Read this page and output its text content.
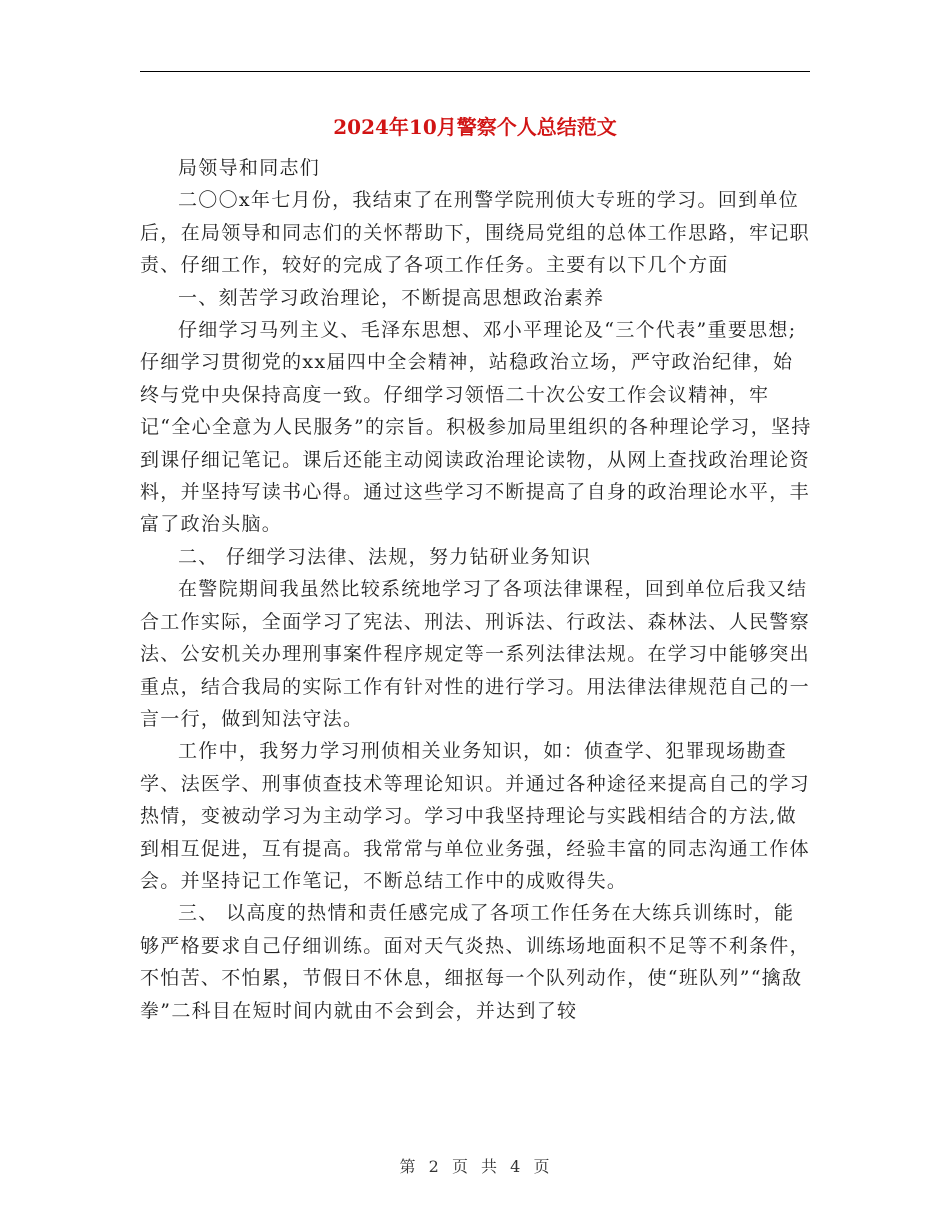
2024年10月警察个人总结范文

局领导和同志们

二〇〇x年七月份，我结束了在刑警学院刑侦大专班的学习。回到单位后，在局领导和同志们的关怀帮助下，围绕局党组的总体工作思路，牢记职责、仔细工作，较好的完成了各项工作任务。主要有以下几个方面

一、刻苦学习政治理论，不断提高思想政治素养

仔细学习马列主义、毛泽东思想、邓小平理论及“三个代表”重要思想;仔细学习贯彻党的xx届四中全会精神，站稳政治立场，严守政治纪律，始终与党中央保持高度一致。仔细学习领悟二十次公安工作会议精神，牢记“全心全意为人民服务”的宗旨。积极参加局里组织的各种理论学习，坚持到课仔细记笔记。课后还能主动阅读政治理论读物，从网上查找政治理论资料，并坚持写读书心得。通过这些学习不断提高了自身的政治理论水平，丰富了政治头脑。

二、 仔细学习法律、法规，努力钻研业务知识

在警院期间我虽然比较系统地学习了各项法律课程，回到单位后我又结合工作实际，全面学习了宪法、刑法、刑诉法、行政法、森林法、人民警察法、公安机关办理刑事案件程序规定等一系列法律法规。在学习中能够突出重点，结合我局的实际工作有针对性的进行学习。用法律法律规范自己的一言一行，做到知法守法。

工作中，我努力学习刑侦相关业务知识，如：侦查学、犯罪现场勘查学、法医学、刑事侦查技术等理论知识。并通过各种途径来提高自己的学习热情，变被动学习为主动学习。学习中我坚持理论与实践相结合的方法,做到相互促进，互有提高。我常常与单位业务强，经验丰富的同志沟通工作体会。并坚持记工作笔记，不断总结工作中的成败得失。

三、 以高度的热情和责任感完成了各项工作任务在大练兵训练时，能够严格要求自己仔细训练。面对天气炎热、训练场地面积不足等不利条件，不怕苦、不怕累，节假日不休息，细抠每一个队列动作，使“班队列”“擒敌拳”二科目在短时间内就由不会到会，并达到了较

第 2 页 共 4 页
